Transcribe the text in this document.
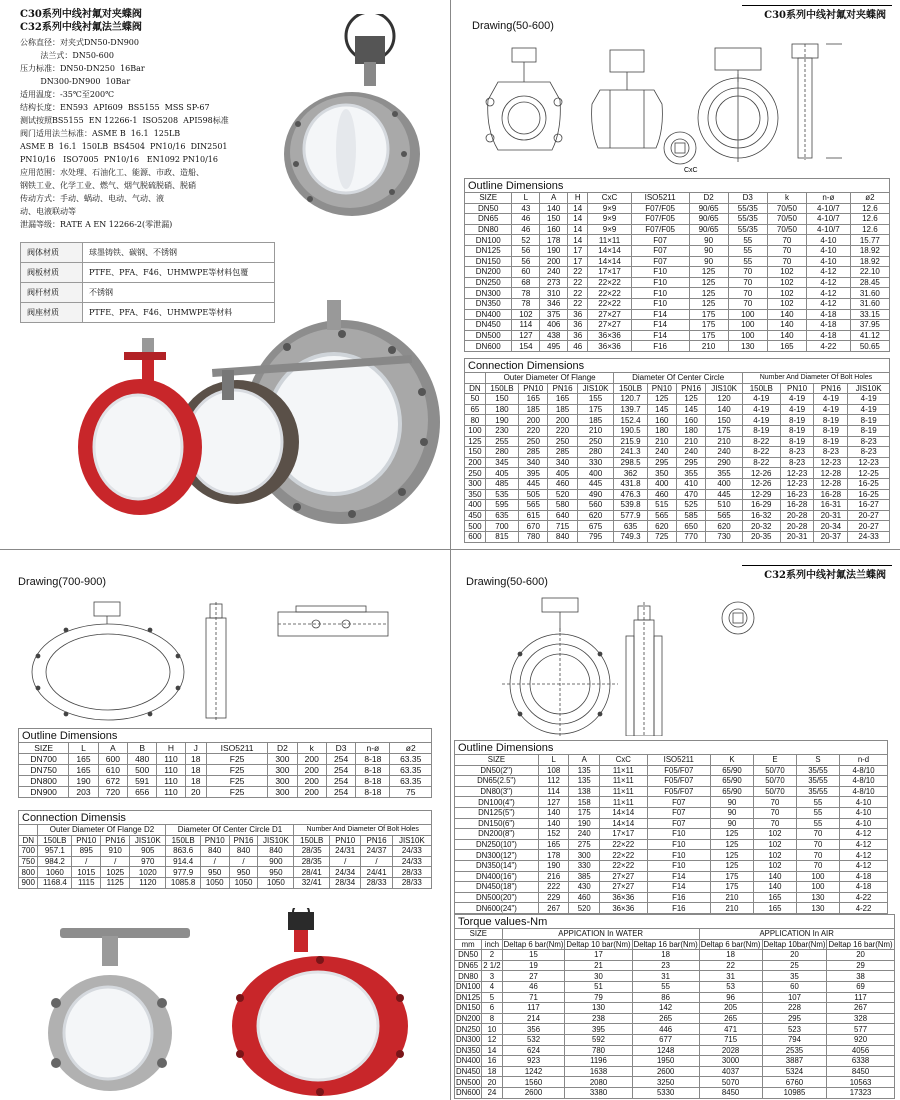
C30系列中线衬氟对夹蝶阀
C32系列中线衬氟法兰蝶阀
公称直径：对夹式DN50-DN900
法兰式：DN50-600
压力标准：DN50-DN250  16Bar
DN300-DN900  10Bar
适用温度：-35℃至200℃
结构长度：EN593  API609  BS5155  MSS SP-67
测试按照BS5155  EN 12266-1  ISO5208  API598标准
阀门适用法兰标准：ASME B  16.1  125LB
ASME B  16.1  150LB  BS4504  PN10/16  DIN2501
PN10/16   ISO7005  PN10/16   EN1092 PN10/16
应用范围：水处理、石油化工、能源、市政、造船、
钢铁工业、化学工业、燃气、烟气脱硫脱硝、脱硝
传动方式：手动、蜗动、电动、气动、液
动、电液联动等
泄漏等级：RATE A EN 12266-2(零泄漏)
阀体材质	球墨铸铁、碳钢、不锈钢
阀板材质	PTFE、PFA、F46、UHMWPE等材料包覆
阀杆材质	不锈钢
阀座材质	PTFE、PFA、F46、UHMWPE等材料
C30系列中线衬氟对夹蝶阀
Drawing(50-600)
CxC
Outline Dimensions										
SIZE	L	A	H	CxC	ISO5211	D2	D3	k	n-ø	ø2
DN50	43	140	14	9×9	F07/F05	90/65	55/35	70/50	4-10/7	12.6
DN65	46	150	14	9×9	F07/F05	90/65	55/35	70/50	4-10/7	12.6
DN80	46	160	14	9×9	F07/F05	90/65	55/35	70/50	4-10/7	12.6
DN100	52	178	14	11×11	F07	90	55	70	4-10	15.77
DN125	56	190	17	14×14	F07	90	55	70	4-10	18.92
DN150	56	200	17	14×14	F07	90	55	70	4-10	18.92
DN200	60	240	22	17×17	F10	125	70	102	4-12	22.10
DN250	68	273	22	22×22	F10	125	70	102	4-12	28.45
DN300	78	310	22	22×22	F10	125	70	102	4-12	31.60
DN350	78	346	22	22×22	F10	125	70	102	4-12	31.60
DN400	102	375	36	27×27	F14	175	100	140	4-18	33.15
DN450	114	406	36	27×27	F14	175	100	140	4-18	37.95
DN500	127	438	36	36×36	F14	175	100	140	4-18	41.12
DN600	154	495	46	36×36	F16	210	130	165	4-22	50.65
Connection Dimensions												
	Outer Diameter Of Flange				Diameter Of Center Circle				Number And Diameter Of Bolt Holes			
DN	150LB	PN10	PN16	JIS10K	150LB	PN10	PN16	JIS10K	150LB	PN10	PN16	JIS10K
50	150	165	165	155	120.7	125	125	120	4-19	4-19	4-19	4-19
65	180	185	185	175	139.7	145	145	140	4-19	4-19	4-19	4-19
80	190	200	200	185	152.4	160	160	150	4-19	8-19	8-19	8-19
100	230	220	220	210	190.5	180	180	175	8-19	8-19	8-19	8-19
125	255	250	250	250	215.9	210	210	210	8-22	8-19	8-19	8-23
150	280	285	285	280	241.3	240	240	240	8-22	8-23	8-23	8-23
200	345	340	340	330	298.5	295	295	290	8-22	8-23	12-23	12-23
250	405	395	405	400	362	350	355	355	12-26	12-23	12-28	12-25
300	485	445	460	445	431.8	400	410	400	12-26	12-23	12-28	16-25
350	535	505	520	490	476.3	460	470	445	12-29	16-23	16-28	16-25
400	595	565	580	560	539.8	515	525	510	16-29	16-28	16-31	16-27
450	635	615	640	620	577.9	565	585	565	16-32	20-28	20-31	20-27
500	700	670	715	675	635	620	650	620	20-32	20-28	20-34	20-27
600	815	780	840	795	749.3	725	770	730	20-35	20-31	20-37	24-33
Drawing(700-900)
Outline Dimensions											
SIZE	L	A	B	H	J	ISO5211	D2	k	D3	n-ø	ø2
DN700	165	600	480	110	18	F25	300	200	254	8-18	63.35
DN750	165	610	500	110	18	F25	300	200	254	8-18	63.35
DN800	190	672	591	110	18	F25	300	200	254	8-18	63.35
DN900	203	720	656	110	20	F25	300	200	254	8-18	75
Connection Dimensis												
	Outer Diameter Of Flange D2				Diameter Of Center Circle D1				Number And Diameter Of Bolt Holes			
DN	150LB	PN10	PN16	JIS10K	150LB	PN10	PN16	JIS10K	150LB	PN10	PN16	JIS10K
700	957.1	895	910	905	863.6	840	840	840	28/35	24/31	24/37	24/33
750	984.2	/	/	970	914.4	/	/	900	28/35	/	/	24/33
800	1060	1015	1025	1020	977.9	950	950	950	28/41	24/34	24/41	28/33
900	1168.4	1115	1125	1120	1085.8	1050	1050	1050	32/41	28/34	28/33	28/33
C32系列中线衬氟法兰蝶阀
Drawing(50-600)
Outline Dimensions								
SIZE	L	A	CxC	ISO5211	K	E	S	n-d
DN50(2")	108	135	11×11	F05/F07	65/90	50/70	35/55	4-8/10
DN65(2.5")	112	135	11×11	F05/F07	65/90	50/70	35/55	4-8/10
DN80(3")	114	138	11×11	F05/F07	65/90	50/70	35/55	4-8/10
DN100(4")	127	158	11×11	F07	90	70	55	4-10
DN125(5")	140	175	14×14	F07	90	70	55	4-10
DN150(6")	140	190	14×14	F07	90	70	55	4-10
DN200(8")	152	240	17×17	F10	125	102	70	4-12
DN250(10")	165	275	22×22	F10	125	102	70	4-12
DN300(12")	178	300	22×22	F10	125	102	70	4-12
DN350(14")	190	330	22×22	F10	125	102	70	4-12
DN400(16")	216	385	27×27	F14	175	140	100	4-18
DN450(18")	222	430	27×27	F14	175	140	100	4-18
DN500(20")	229	460	36×36	F16	210	165	130	4-22
DN600(24")	267	520	36×36	F16	210	165	130	4-22
Torque values-Nm							
SIZE		APPICATION In WATER			APPLICATION In AIR		
mm	inch	Deltap 6 bar(Nm)	Deltap 10 bar(Nm)	Deltap 16 bar(Nm)	Deltap 6 bar(Nm)	Deltap 10bar(Nm)	Deltap 16 bar(Nm)
DN50	2	15	17	18	18	20	20
DN65	2 1/2	19	21	23	22	25	29
DN80	3	27	30	31	31	35	38
DN100	4	46	51	55	53	60	69
DN125	5	71	79	86	96	107	117
DN150	6	117	130	142	205	228	267
DN200	8	214	238	265	265	295	328
DN250	10	356	395	446	471	523	577
DN300	12	532	592	677	715	794	920
DN350	14	624	780	1248	2028	2535	4056
DN400	16	923	1196	1950	3000	3887	6338
DN450	18	1242	1638	2600	4037	5324	8450
DN500	20	1560	2080	3250	5070	6760	10563
DN600	24	2600	3380	5330	8450	10985	17323
